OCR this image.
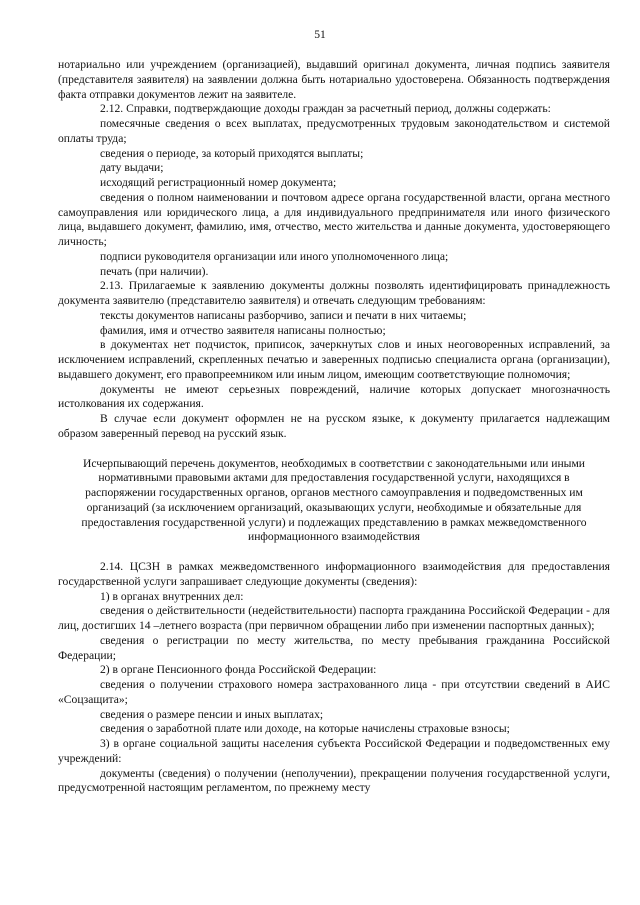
51

нотариально или учреждением (организацией), выдавший оригинал документа, личная подпись заявителя (представителя заявителя) на заявлении должна быть нотариально удостоверена. Обязанность подтверждения факта отправки документов лежит на заявителе.

2.12. Справки, подтверждающие доходы граждан за расчетный период, должны содержать:

помесячные сведения о всех выплатах, предусмотренных трудовым законодательством и системой оплаты труда;

сведения о периоде, за который приходятся выплаты;

дату выдачи;

исходящий регистрационный номер документа;

сведения о полном наименовании и почтовом адресе органа государственной власти, органа местного самоуправления или юридического лица, а для индивидуального предпринимателя или иного физического лица, выдавшего документ, фамилию, имя, отчество, место жительства и данные документа, удостоверяющего личность;

подписи руководителя организации или иного уполномоченного лица;

печать (при наличии).

2.13. Прилагаемые к заявлению документы должны позволять идентифицировать принадлежность документа заявителю (представителю заявителя) и отвечать следующим требованиям:

тексты документов написаны разборчиво, записи и печати в них читаемы;

фамилия, имя и отчество заявителя написаны полностью;

в документах нет подчисток, приписок, зачеркнутых слов и иных неоговоренных исправлений, за исключением исправлений, скрепленных печатью и заверенных подписью специалиста органа (организации), выдавшего документ, его правопреемником или иным лицом, имеющим соответствующие полномочия;

документы не имеют серьезных повреждений, наличие которых допускает многозначность истолкования их содержания.

В случае если документ оформлен не на русском языке, к документу прилагается надлежащим образом заверенный перевод на русский язык.

Исчерпывающий перечень документов, необходимых в соответствии с законодательными или иными нормативными правовыми актами для предоставления государственной услуги, находящихся в распоряжении государственных органов, органов местного самоуправления и подведомственных им организаций (за исключением организаций, оказывающих услуги, необходимые и обязательные для предоставления государственной услуги) и подлежащих представлению в рамках межведомственного информационного взаимодействия

2.14. ЦСЗН в рамках межведомственного информационного взаимодействия для предоставления государственной услуги запрашивает следующие документы (сведения):

1) в органах внутренних дел:

сведения о действительности (недействительности) паспорта гражданина Российской Федерации - для лиц, достигших 14 –летнего возраста (при первичном обращении либо при изменении паспортных данных);

сведения о регистрации по месту жительства, по месту пребывания гражданина Российской Федерации;

2) в органе Пенсионного фонда Российской Федерации:

сведения о получении страхового номера застрахованного лица - при отсутствии сведений в АИС «Соцзащита»;

сведения о размере пенсии и иных выплатах;

сведения о заработной плате или доходе, на которые начислены страховые взносы;

3) в органе социальной защиты населения субъекта Российской Федерации и подведомственных ему учреждений:

документы (сведения) о получении (неполучении), прекращении получения государственной услуги, предусмотренной настоящим регламентом, по прежнему месту
